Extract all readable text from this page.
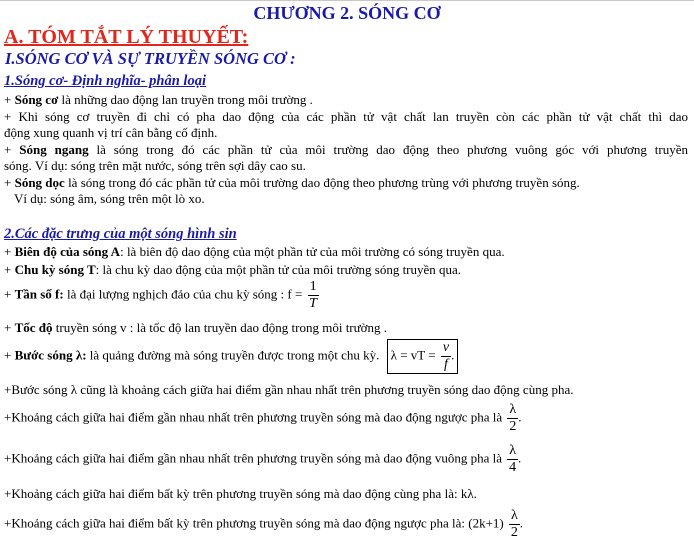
CHƯƠNG 2. SÓNG CƠ
A. TÓM TẮT LÝ THUYẾT:
I.SÓNG CƠ VÀ SỰ TRUYỀN SÓNG CƠ :
1.Sóng cơ- Định nghĩa- phân loại
+ Sóng cơ là những dao động lan truyền trong môi trường .
+ Khi sóng cơ truyền đi chỉ có pha dao động của các phần tử vật chất lan truyền còn các phần tử vật chất thì dao
động xung quanh vị trí cân bằng cố định.
+ Sóng ngang là sóng trong đó các phần tử của môi trường dao động theo phương vuông góc với phương truyền
sóng. Ví dụ: sóng trên mặt nước, sóng trên sợi dây cao su.
+ Sóng dọc là sóng trong đó các phần tử của môi trường dao động theo phương trùng với phương truyền sóng.
Ví dụ: sóng âm, sóng trên một lò xo.
2.Các đặc trưng của một sóng hình sin
+ Biên độ của sóng A: là biên độ dao động của một phần tử của môi trường có sóng truyền qua.
+ Chu kỳ sóng T: là chu kỳ dao động của một phần tử của môi trường sóng truyền qua.
+ Tần số f: là đại lượng nghịch đảo của chu kỳ sóng : $f = \frac{1}{T}$
+ Tốc độ truyền sóng v : là tốc độ lan truyền dao động trong môi trường .
+ Bước sóng λ: là quảng đường mà sóng truyền được trong một chu kỳ. λ = vT = $\frac{v}{f}$ .
+Bước sóng λ cũng là khoảng cách giữa hai điểm gần nhau nhất trên phương truyền sóng dao động cùng pha.
+Khoảng cách giữa hai điểm gần nhau nhất trên phương truyền sóng mà dao động ngược pha là $\frac{\lambda}{2}$ .
+Khoảng cách giữa hai điểm gần nhau nhất trên phương truyền sóng mà dao động vuông pha là $\frac{\lambda}{4}$ .
+Khoảng cách giữa hai điểm bất kỳ trên phương truyền sóng mà dao động cùng pha là: kλ.
+Khoảng cách giữa hai điểm bất kỳ trên phương truyền sóng mà dao động ngược pha là: $(2k+1) \frac{\lambda}{2}$ .
